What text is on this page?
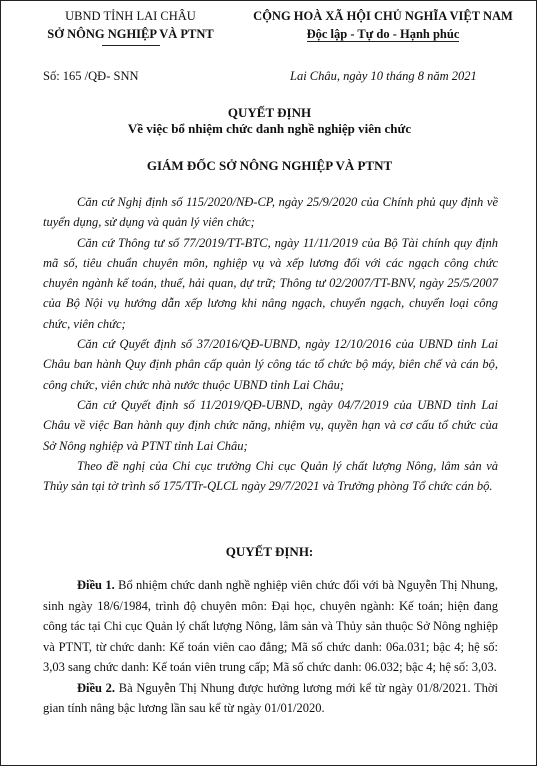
UBND TỈNH LAI CHÂU
SỞ NÔNG NGHIỆP VÀ PTNT
CỘNG HOÀ XÃ HỘI CHỦ NGHĨA VIỆT NAM
Độc lập - Tự do - Hạnh phúc
Số: 165 /QĐ- SNN	Lai Châu, ngày 10 tháng 8 năm 2021
QUYẾT ĐỊNH
Về việc bổ nhiệm chức danh nghề nghiệp viên chức
GIÁM ĐỐC SỞ NÔNG NGHIỆP VÀ PTNT

Căn cứ Nghị định số 115/2020/NĐ-CP, ngày 25/9/2020 của Chính phủ quy định về tuyển dụng, sử dụng và quản lý viên chức;

Căn cứ Thông tư số 77/2019/TT-BTC, ngày 11/11/2019 của Bộ Tài chính quy định mã số, tiêu chuẩn chuyên môn, nghiệp vụ và xếp lương đối với các ngạch công chức chuyên ngành kế toán, thuế, hải quan, dự trữ; Thông tư 02/2007/TT-BNV, ngày 25/5/2007 của Bộ Nội vụ hướng dẫn xếp lương khi nâng ngạch, chuyển ngạch, chuyển loại công chức, viên chức;

Căn cứ Quyết định số 37/2016/QĐ-UBND, ngày 12/10/2016 của UBND tỉnh Lai Châu ban hành Quy định phân cấp quản lý công tác tổ chức bộ máy, biên chế và cán bộ, công chức, viên chức nhà nước thuộc UBND tỉnh Lai Châu;

Căn cứ Quyết định số 11/2019/QĐ-UBND, ngày 04/7/2019 của UBND tỉnh Lai Châu về việc Ban hành quy định chức năng, nhiệm vụ, quyền hạn và cơ cấu tổ chức của Sở Nông nghiệp và PTNT tỉnh Lai Châu;

Theo đề nghị của Chi cục trưởng Chi cục Quản lý chất lượng Nông, lâm sản và Thủy sản tại tờ trình số 175/TTr-QLCL ngày 29/7/2021 và Trưởng phòng Tổ chức cán bộ.

QUYẾT ĐỊNH:

Điều 1. Bổ nhiệm chức danh nghề nghiệp viên chức đối với bà Nguyễn Thị Nhung, sinh ngày 18/6/1984, trình độ chuyên môn: Đại học, chuyên ngành: Kế toán; hiện đang công tác tại Chi cục Quản lý chất lượng Nông, lâm sản và Thủy sản thuộc Sở Nông nghiệp và PTNT, từ chức danh: Kế toán viên cao đẳng; Mã số chức danh: 06a.031; bậc 4; hệ số: 3,03 sang chức danh: Kế toán viên trung cấp; Mã số chức danh: 06.032; bậc 4; hệ số: 3,03.

Điều 2. Bà Nguyễn Thị Nhung được hưởng lương mới kể từ ngày 01/8/2021. Thời gian tính nâng bậc lương lần sau kể từ ngày 01/01/2020.
